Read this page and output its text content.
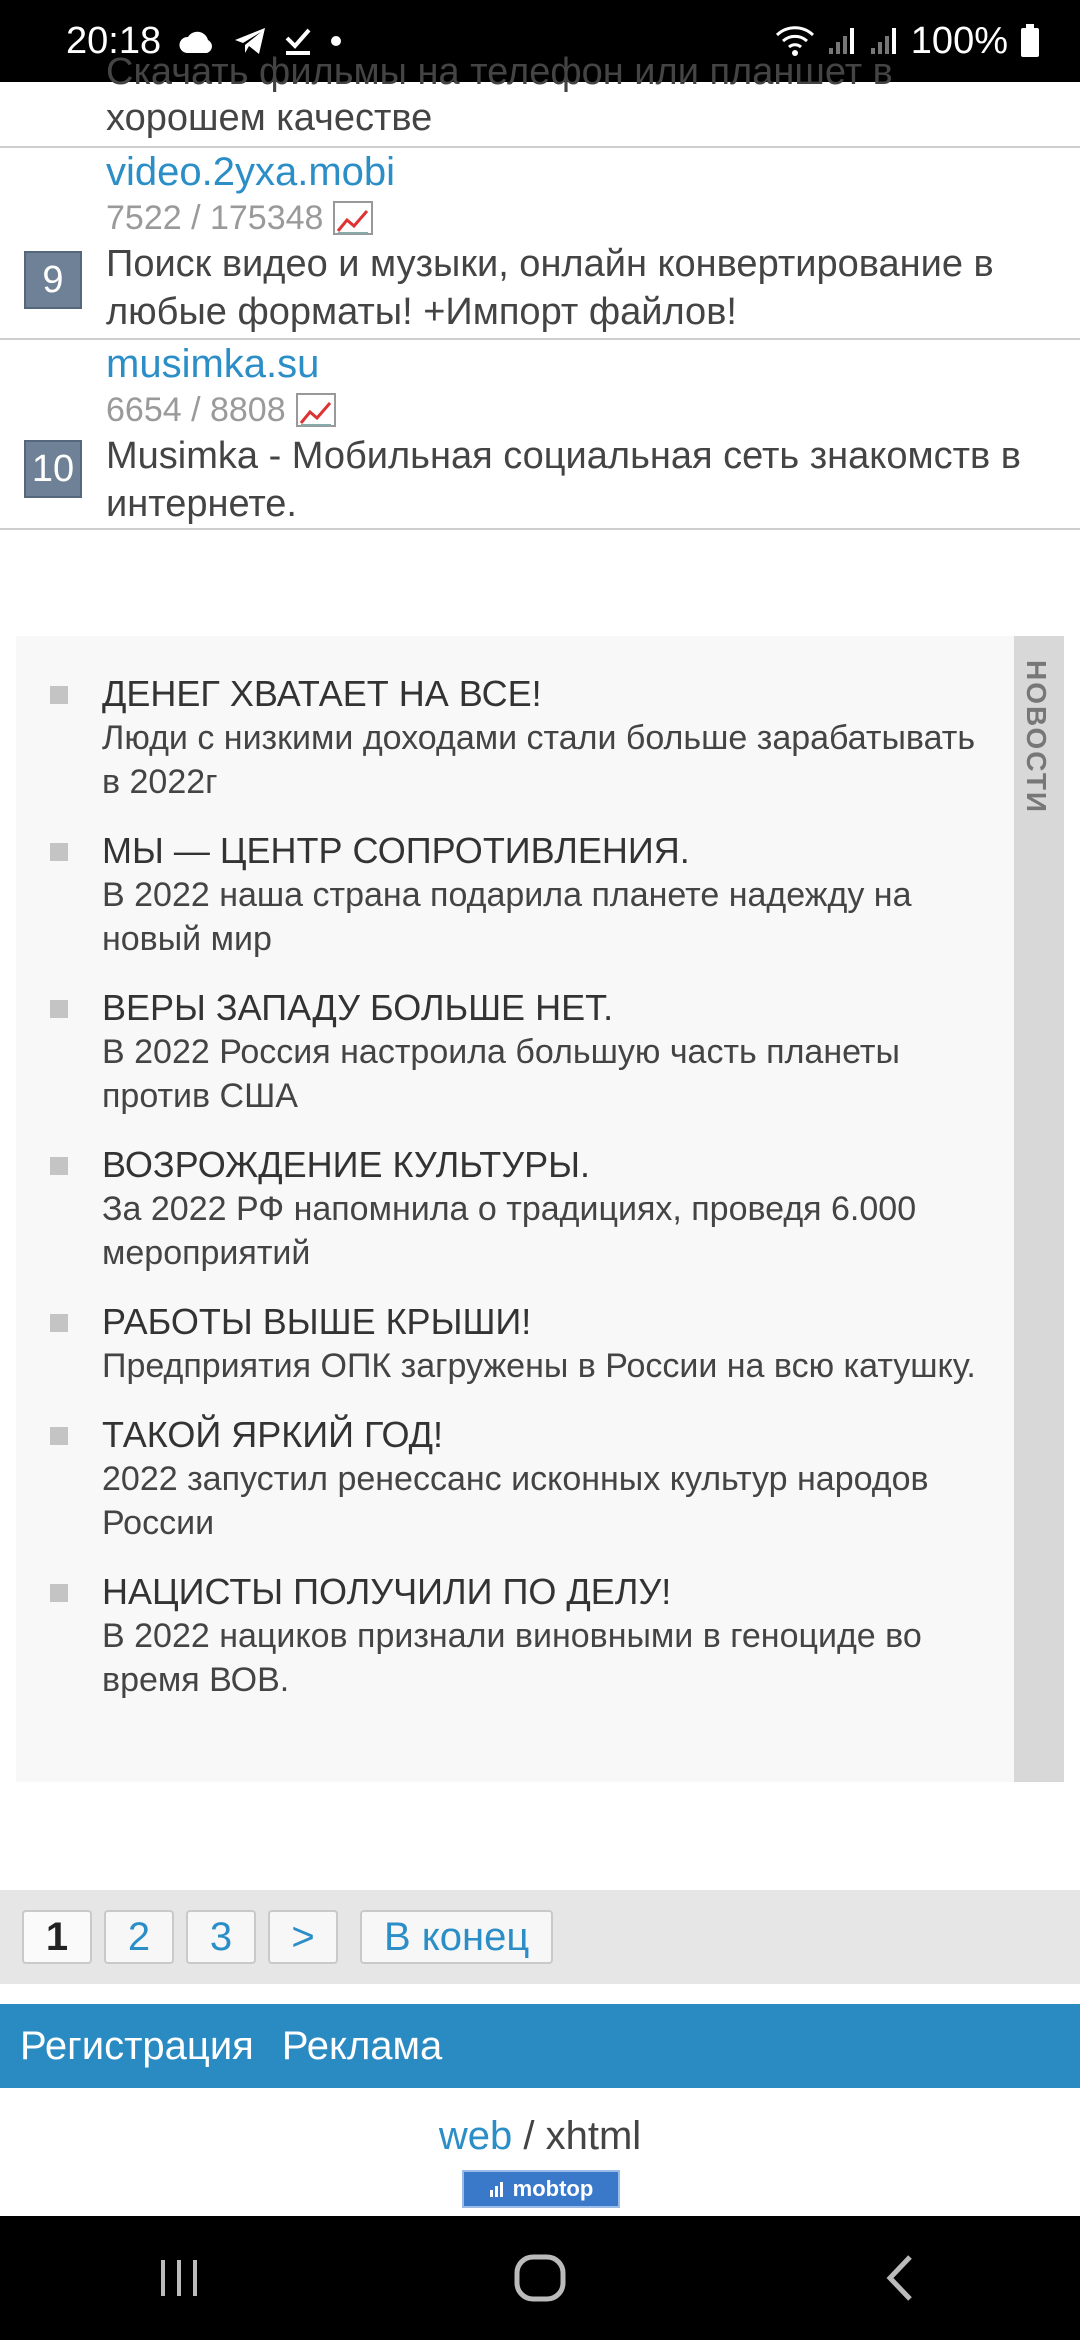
20:18	100%
Скачать фильмы на телефон или планшет в
хорошем качестве
9
video.2yxa.mobi
7522 / 175348
Поиск видео и музыки, онлайн конвертирование в любые форматы! +Импорт файлов!
10
musimka.su
6654 / 8808
Musimka - Мобильная социальная сеть знакомств в интернете.
ДЕНЕГ ХВАТАЕТ НА ВСЕ!
Люди с низкими доходами стали больше зарабатывать в 2022г
МЫ — ЦЕНТР СОПРОТИВЛЕНИЯ.
В 2022 наша страна подарила планете надежду на новый мир
ВЕРЫ ЗАПАДУ БОЛЬШЕ НЕТ.
В 2022 Россия настроила большую часть планеты против США
ВОЗРОЖДЕНИЕ КУЛЬТУРЫ.
За 2022 РФ напомнила о традициях, проведя 6.000 мероприятий
РАБОТЫ ВЫШЕ КРЫШИ!
Предприятия ОПК загружены в России на всю катушку.
ТАКОЙ ЯРКИЙ ГОД!
2022 запустил ренессанс исконных культур народов России
НАЦИСТЫ ПОЛУЧИЛИ ПО ДЕЛУ!
В 2022 нациков признали виновными в геноциде во время ВОВ.
НОВОСТИ
1	2	3	>	В конец
Регистрация Реклама
web / xhtml
mobtop
